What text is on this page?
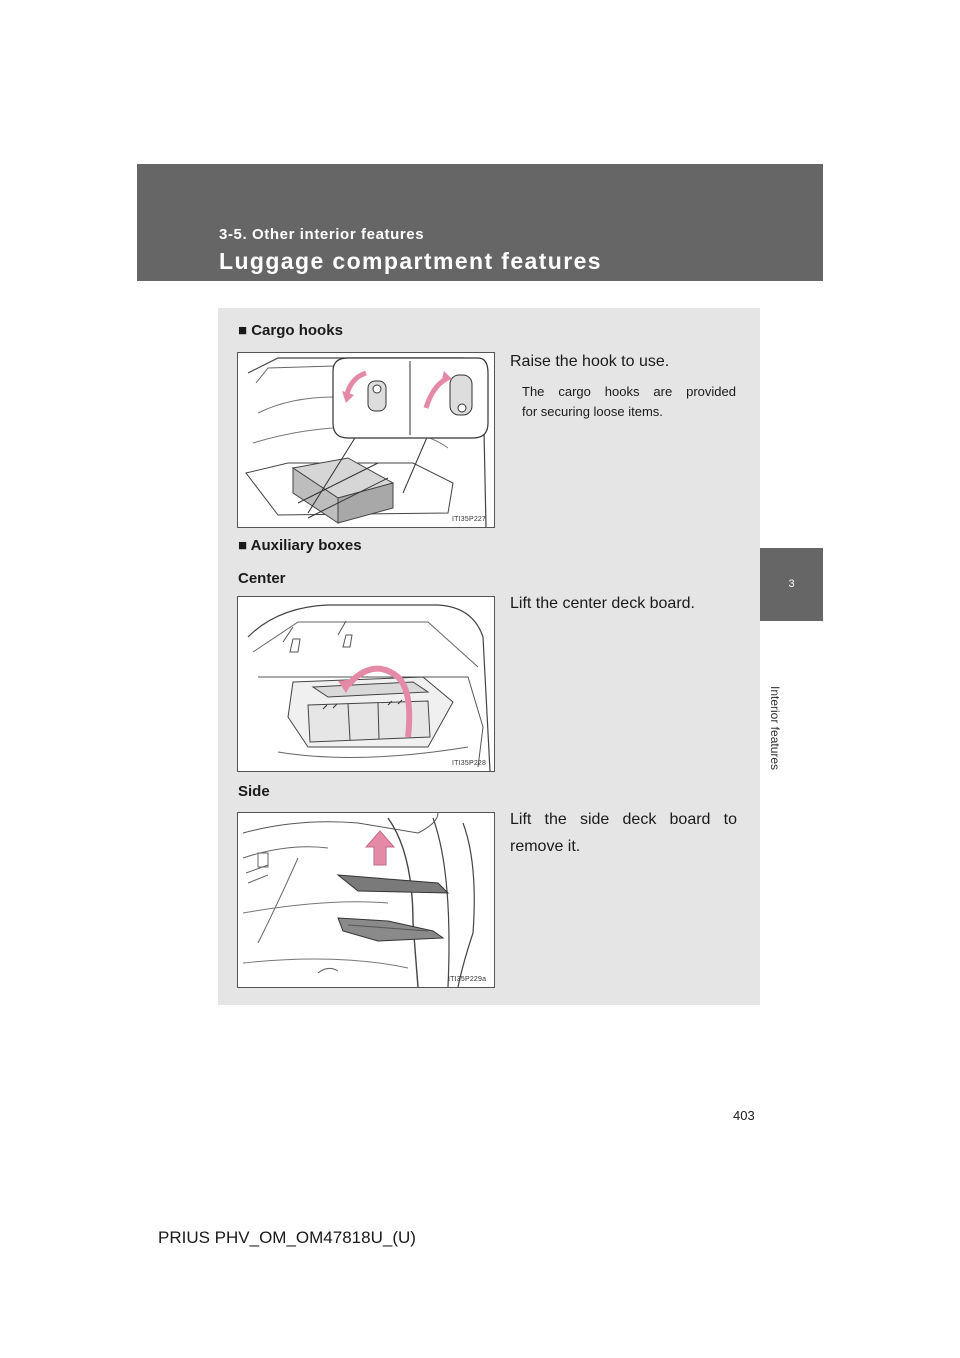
3-5. Other interior features
Luggage compartment features
3
Interior features
■ Cargo hooks
ITI35P227
Raise the hook to use.
The cargo hooks are provided
for securing loose items.
■ Auxiliary boxes
Center
ITI35P228
Lift the center deck board.
Side
ITI35P229a
Lift the side deck board to
remove it.
403
PRIUS PHV_OM_OM47818U_(U)
